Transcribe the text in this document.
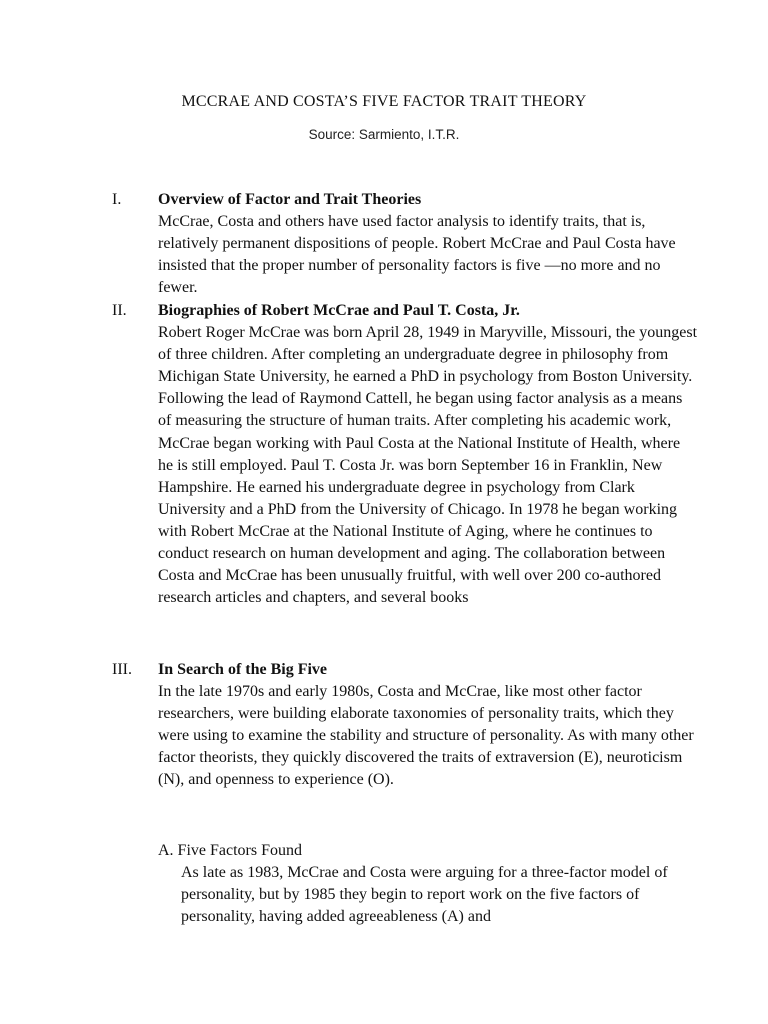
MCCRAE AND COSTA’S FIVE FACTOR TRAIT THEORY
Source: Sarmiento, I.T.R.
I. Overview of Factor and Trait Theories
McCrae, Costa and others have used factor analysis to identify traits, that is, relatively permanent dispositions of people. Robert McCrae and Paul Costa have insisted that the proper number of personality factors is five —no more and no fewer.
II. Biographies of Robert McCrae and Paul T. Costa, Jr.
Robert Roger McCrae was born April 28, 1949 in Maryville, Missouri, the youngest of three children. After completing an undergraduate degree in philosophy from Michigan State University, he earned a PhD in psychology from Boston University. Following the lead of Raymond Cattell, he began using factor analysis as a means of measuring the structure of human traits. After completing his academic work, McCrae began working with Paul Costa at the National Institute of Health, where he is still employed. Paul T. Costa Jr. was born September 16 in Franklin, New Hampshire. He earned his undergraduate degree in psychology from Clark University and a PhD from the University of Chicago. In 1978 he began working with Robert McCrae at the National Institute of Aging, where he continues to conduct research on human development and aging. The collaboration between Costa and McCrae has been unusually fruitful, with well over 200 co-authored research articles and chapters, and several books
III. In Search of the Big Five
In the late 1970s and early 1980s, Costa and McCrae, like most other factor researchers, were building elaborate taxonomies of personality traits, which they were using to examine the stability and structure of personality. As with many other factor theorists, they quickly discovered the traits of extraversion (E), neuroticism (N), and openness to experience (O).
A. Five Factors Found
As late as 1983, McCrae and Costa were arguing for a three-factor model of personality, but by 1985 they begin to report work on the five factors of personality, having added agreeableness (A) and
